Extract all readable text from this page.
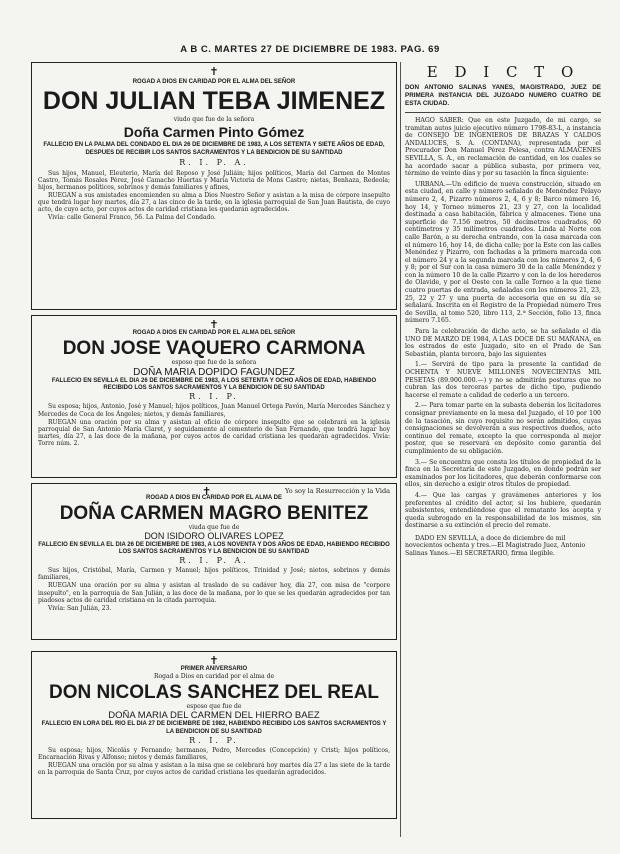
A B C. MARTES 27 DE DICIEMBRE DE 1983. PAG. 69
✝
ROGAD A DIOS EN CARIDAD POR EL ALMA DEL SEÑOR
DON JULIAN TEBA JIMENEZ
viudo que fue de la señora
Doña Carmen Pinto Gómez
FALLECIO EN LA PALMA DEL CONDADO EL DIA 26 DE DICIEMBRE DE 1983, A LOS SETENTA Y SIETE AÑOS DE EDAD, DESPUES DE RECIBIR LOS SANTOS SACRAMENTOS Y LA BENDICION DE SU SANTIDAD
R. I. P. A.
Sus hijos, Manuel, Eleuterio, María del Reposo y José Juliáin; hijos políticos, María del Carmen de Montes Castro, Tomás Rosales Pérez, José Camacho Huertas y María Victoria de Mons Castro; nietas, Benhaza, Redeola; hijos, hermanos políticos, sobrinos y demás familiares y afines,
RUEGAN a sus amistades encomienden su alma a Dios Nuestro Señor y asistan a la misa de córpore insepulto que tendrá lugar hoy martes, día 27, a las cinco de la tarde, en la iglesia parroquial de San Juan Bautista, de cuyo acto, de cuyo acto, por cuyos actos de caridad cristiana les quedarán agradecidos.
Vivía: calle General Franco, 56. La Palma del Condado.
✝
ROGAD A DIOS EN CARIDAD POR EL ALMA DEL SEÑOR
DON JOSE VAQUERO CARMONA
esposo que fue de la señora
DOÑA MARIA DOPIDO FAGUNDEZ
FALLECIO EN SEVILLA EL DIA 26 DE DICIEMBRE DE 1983, A LOS SETENTA Y OCHO AÑOS DE EDAD, HABIENDO RECIBIDO LOS SANTOS SACRAMENTOS Y LA BENDICION DE SU SANTIDAD
R. I. P.
Su esposa; hijos, Antonio, José y Manuel; hijos políticos, Juan Manuel Ortega Pavón, María Mercedes Sánchez y Mercedes de Coca de los Ángeles; nietos, y demás familiares,
RUEGAN una oración por su alma y asistan al oficio de córpore insepulto que se celebrará en la iglesia parroquial de San Antonio María Claret, y seguidamente al cementerio de San Fernando, que tendrá lugar hoy martes, día 27, a las doce de la mañana, por cuyos actos de caridad cristiana les quedarán agradecidos. Vivía: Torre núm. 2.
Yo soy la Resurrección y la Vida
✝
ROGAD A DIOS EN CARIDAD POR EL ALMA DE
DOÑA CARMEN MAGRO BENITEZ
viuda que fue de
DON ISIDORO OLIVARES LOPEZ
FALLECIO EN SEVILLA EL DIA 26 DE DICIEMBRE DE 1983, A LOS NOVENTA Y DOS AÑOS DE EDAD, HABIENDO RECIBIDO LOS SANTOS SACRAMENTOS Y LA BENDICION DE SU SANTIDAD
R. I. P. A.
Sus hijos, Cristóbal, María, Carmen y Manuel; hijos políticos, Trinidad y José; nietos, sobrinos y demás familiares,
RUEGAN una oración por su alma y asistan al traslado de su cadáver hoy, día 27, con misa de "corpore insepulto", en la parroquia de San Julián, a las doce de la mañana, por lo que se les quedarán agradecidos por tan piadosos actos de caridad cristiana en la citada parroquia.
Vivía: San Julián, 23.
✝
PRIMER ANIVERSARIO
Rogad a Dios en caridad por el alma de
DON NICOLAS SANCHEZ DEL REAL
esposo que fue de
DOÑA MARIA DEL CARMEN DEL HIERRO BAEZ
FALLECIO EN LORA DEL RIO EL DIA 27 DE DICIEMBRE DE 1982, HABIENDO RECIBIDO LOS SANTOS SACRAMENTOS Y LA BENDICION DE SU SANTIDAD
R. I. P.
Su esposa; hijos, Nicolás y Fernando; hermanos, Pedro, Mercedes (Concepción) y Cristi; hijos políticos, Encarnación Rivas y Alfonso; nietos y demás familiares,
RUEGAN una oración por su alma y asistan a la misa que se celebrará hoy martes día 27 a las siete de la tarde en la parroquia de Santa Cruz, por cuyos actos de caridad cristiana les quedarán agradecidos.
E D I C T O
DON ANTONIO SALINAS YANES, MAGISTRADO, JUEZ DE PRIMERA INSTANCIA DEL JUZGADO NUMERO CUATRO DE ESTA CIUDAD.
HAGO SABER: Que en este Juzgado, de mi cargo, se tramitan autos juicio ejecutivo número 1798-83-L, a instancia de CONSEJO DE INGENIEROS DE BRAZAS Y CALDOS ANDALUCES, S. A. (CONTANA), representada por el Procurador Don Manuel Pérez Pelesa, contra ALMACENES SEVILLA, S. A., en reclamación de cantidad, en los cuales se ha acordado sacar a pública subasta, por primera vez, término de veinte días y por su tasación la finca siguiente:
URBANA.—Un edificio de nueva construcción, situado en esta ciudad, en calle y número señalado de Menéndez Pelayo número 2, 4, Pizarro números 2, 4, 6 y 8; Barco número 16, hoy 14, y Torneo números 21, 23 y 27, con la localidad destinada a casa habitación, fábrica y almacenes. Tiene una superficie de 7.156 metros, 50 decímetros cuadrados, 60 centímetros y 35 milímetros cuadrados. Linda al Norte con calle Barón, a su derecha entrando, con la casa marcada con el número 16, hoy 14, de dicha calle; por la Este con las calles Menéndez y Pizarro, con fachadas a la primera marcada con el número 24 y a la segunda marcada con los números 2, 4, 6 y 8; por el Sur con la casa número 30 de la calle Menéndez y con la número 10 de la calle Pizarro y con la de los herederos de Olavide, y por el Oeste con la calle Torneo a la que tiene cuatro puertas de entrada, señaladas con los números 21, 23, 25, 22 y 27 y una puerta de accesoria que en su día se señalará. Inscrita en el Registro de la Propiedad número Tres de Sevilla, al tomo 520, libro 113, 2.ª Sección, folio 13, finca número 7.165.
Para la celebración de dicho acto, se ha señalado el día UNO DE MARZO DE 1984, A LAS DOCE DE SU MAÑANA, en los estrados de este Juzgado, sito en el Prado de San Sebastián, planta tercera, bajo las siguientes
1.— Servirá de tipo para la presente la cantidad de OCHENTA Y NUEVE MILLONES NOVECIENTAS MIL PESETAS (89.900.000.—) y no se admitirán posturas que no cubran las dos terceras partes de dicho tipo, pudiendo hacerse el remate a calidad de cederlo a un tercero.
2.— Para tomar parte en la subasta deberán los licitadores consignar previamente en la mesa del Juzgado, el 10 por 100 de la tasación, sin cuyo requisito no serán admitidos, cuyas consignaciones se devolverán a sus respectivos dueños, acto continuo del remate, excepto la que corresponda al mejor postor, que se reservará en depósito como garantía del cumplimiento de su obligación.
3.— Se encuentra que consta los títulos de propiedad de la finca en la Secretaría de este Juzgado, en donde podrán ser examinados por los licitadores, que deberán conformarse con ellos, sin derecho a exigir otros títulos de propiedad.
4.— Que las cargas y gravámenes anteriores y los preferentes al crédito del actor, si los hubiere, quedarán subsistentes, entendiéndose que el rematante los acepta y queda subrogado en la responsabilidad de los mismos, sin destinarse a su extinción el precio del remate.
DADO EN SEVILLA, a doce de diciembre de mil novecientos ochenta y tres.—El Magistrado Juez, Antonio Salinas Yanes.—El SECRETARIO, firma ilegible.
